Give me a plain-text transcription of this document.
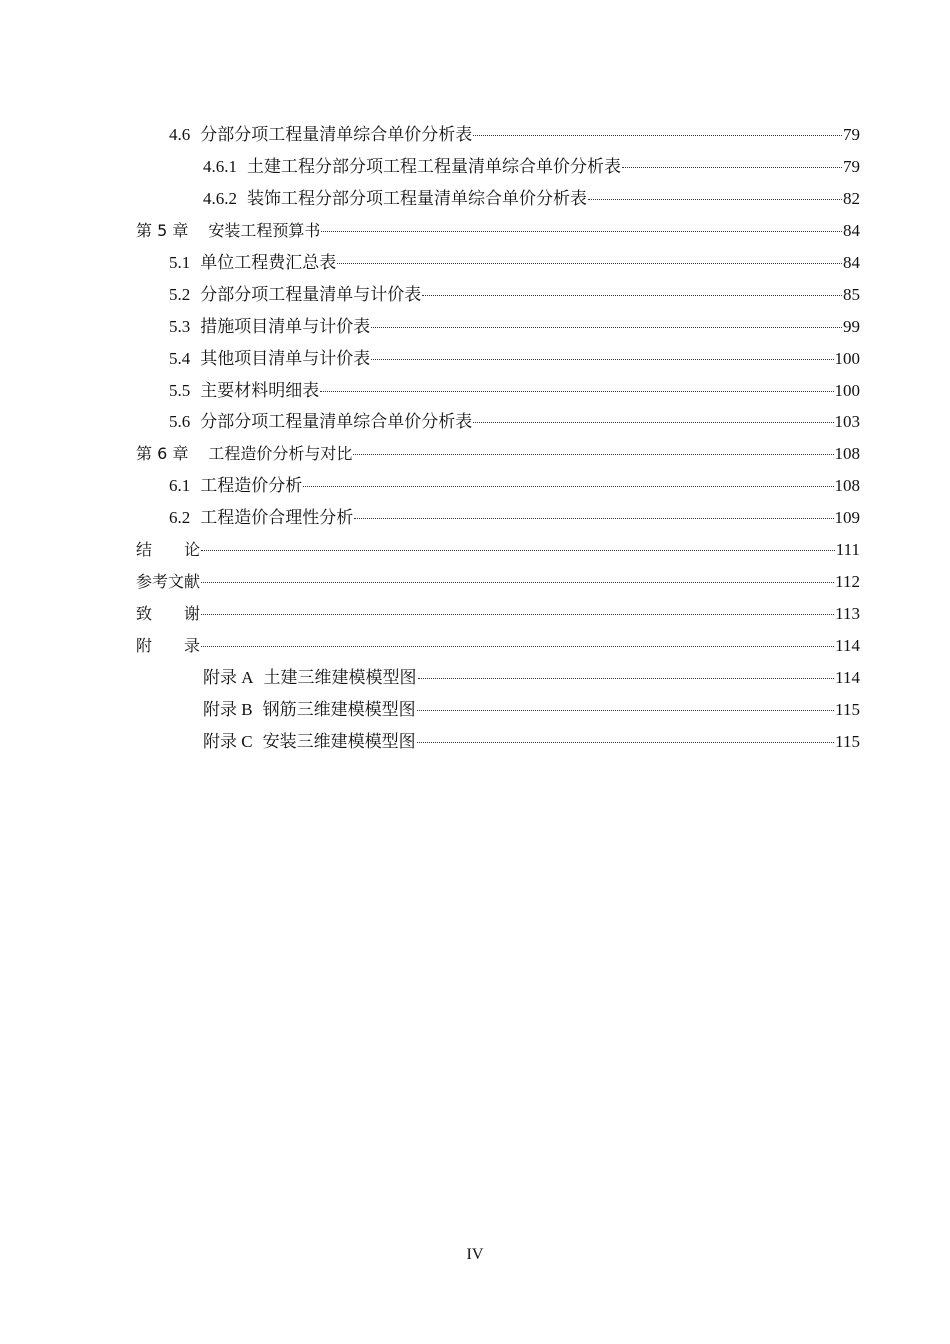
4.6 分部分项工程量清单综合单价分析表	79
4.6.1 土建工程分部分项工程工程量清单综合单价分析表	79
4.6.2 装饰工程分部分项工程量清单综合单价分析表	82
第 5 章 安装工程预算书	84
5.1 单位工程费汇总表	84
5.2 分部分项工程量清单与计价表	85
5.3 措施项目清单与计价表	99
5.4 其他项目清单与计价表	100
5.5 主要材料明细表	100
5.6 分部分项工程量清单综合单价分析表	103
第 6 章 工程造价分析与对比	108
6.1 工程造价分析	108
6.2 工程造价合理性分析	109
结　　论	111
参考文献	112
致　　谢	113
附　　录	114
附录 A 土建三维建模模型图	114
附录 B 钢筋三维建模模型图	115
附录 C 安装三维建模模型图	115
IV
